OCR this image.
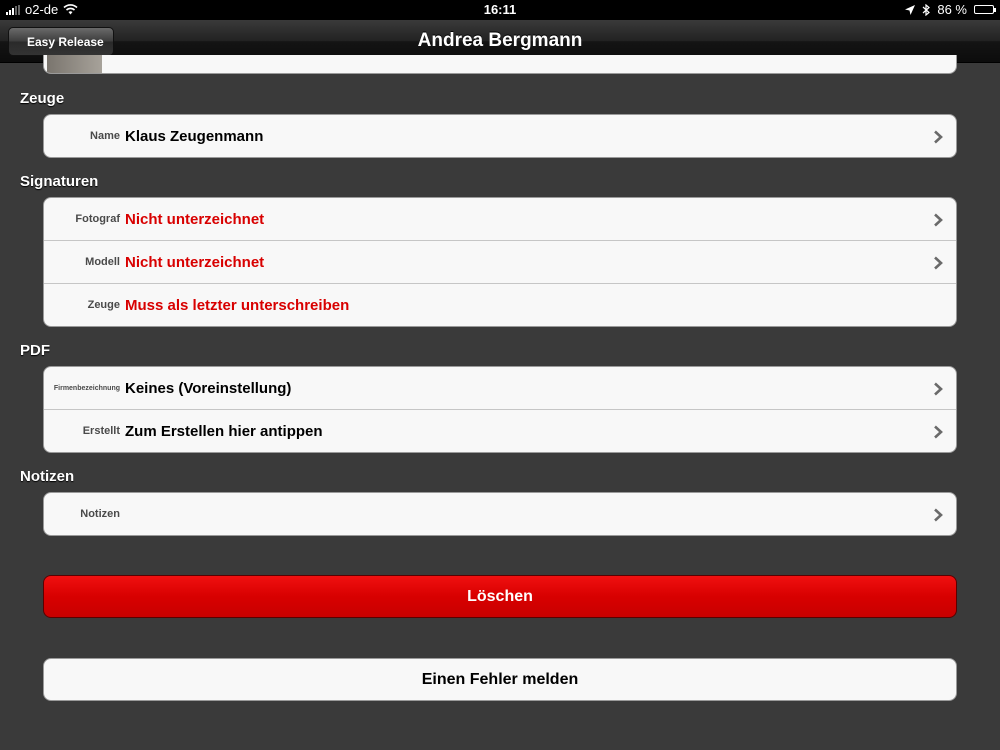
o2-de	16:11	86 %
Easy Release	Andrea Bergmann
Zeuge
Name Klaus Zeugenmann
Signaturen
Fotograf Nicht unterzeichnet
Modell Nicht unterzeichnet
Zeuge Muss als letzter unterschreiben
PDF
Firmenbezeichnung Keines (Voreinstellung)
Erstellt Zum Erstellen hier antippen
Notizen
Notizen
Löschen
Einen Fehler melden
